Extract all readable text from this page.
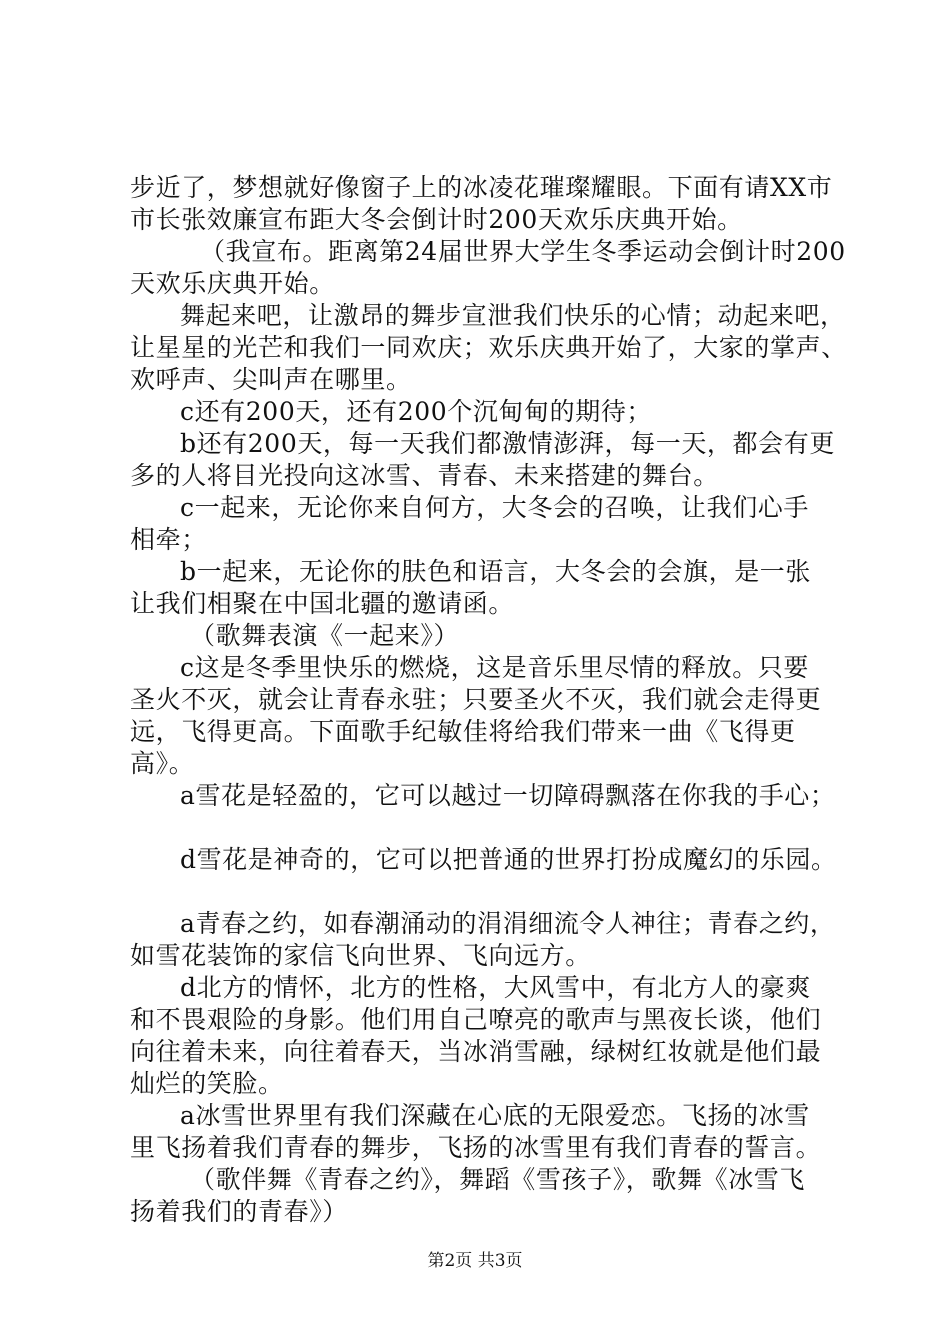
步近了，梦想就好像窗子上的冰凌花璀璨耀眼。下面有请XX市
市长张效廉宣布距大冬会倒计时200天欢乐庆典开始。
（我宣布。距离第24届世界大学生冬季运动会倒计时200
天欢乐庆典开始。
舞起来吧，让激昂的舞步宣泄我们快乐的心情；动起来吧，
让星星的光芒和我们一同欢庆；欢乐庆典开始了，大家的掌声、
欢呼声、尖叫声在哪里。
c还有200天，还有200个沉甸甸的期待；
b还有200天，每一天我们都激情澎湃，每一天，都会有更
多的人将目光投向这冰雪、青春、未来搭建的舞台。
c一起来，无论你来自何方，大冬会的召唤，让我们心手
相牵；
b一起来，无论你的肤色和语言，大冬会的会旗，是一张
让我们相聚在中国北疆的邀请函。
（歌舞表演《一起来》）
c这是冬季里快乐的燃烧，这是音乐里尽情的释放。只要
圣火不灭，就会让青春永驻；只要圣火不灭，我们就会走得更
远，飞得更高。下面歌手纪敏佳将给我们带来一曲《飞得更
高》。
a雪花是轻盈的，它可以越过一切障碍飘落在你我的手心；
d雪花是神奇的，它可以把普通的世界打扮成魔幻的乐园。
a青春之约，如春潮涌动的涓涓细流令人神往；青春之约，
如雪花装饰的家信飞向世界、飞向远方。
d北方的情怀，北方的性格，大风雪中，有北方人的豪爽
和不畏艰险的身影。他们用自己嘹亮的歌声与黑夜长谈，他们
向往着未来，向往着春天，当冰消雪融，绿树红妆就是他们最
灿烂的笑脸。
a冰雪世界里有我们深藏在心底的无限爱恋。飞扬的冰雪
里飞扬着我们青春的舞步，飞扬的冰雪里有我们青春的誓言。
（歌伴舞《青春之约》，舞蹈《雪孩子》，歌舞《冰雪飞
扬着我们的青春》）
第2页 共3页
